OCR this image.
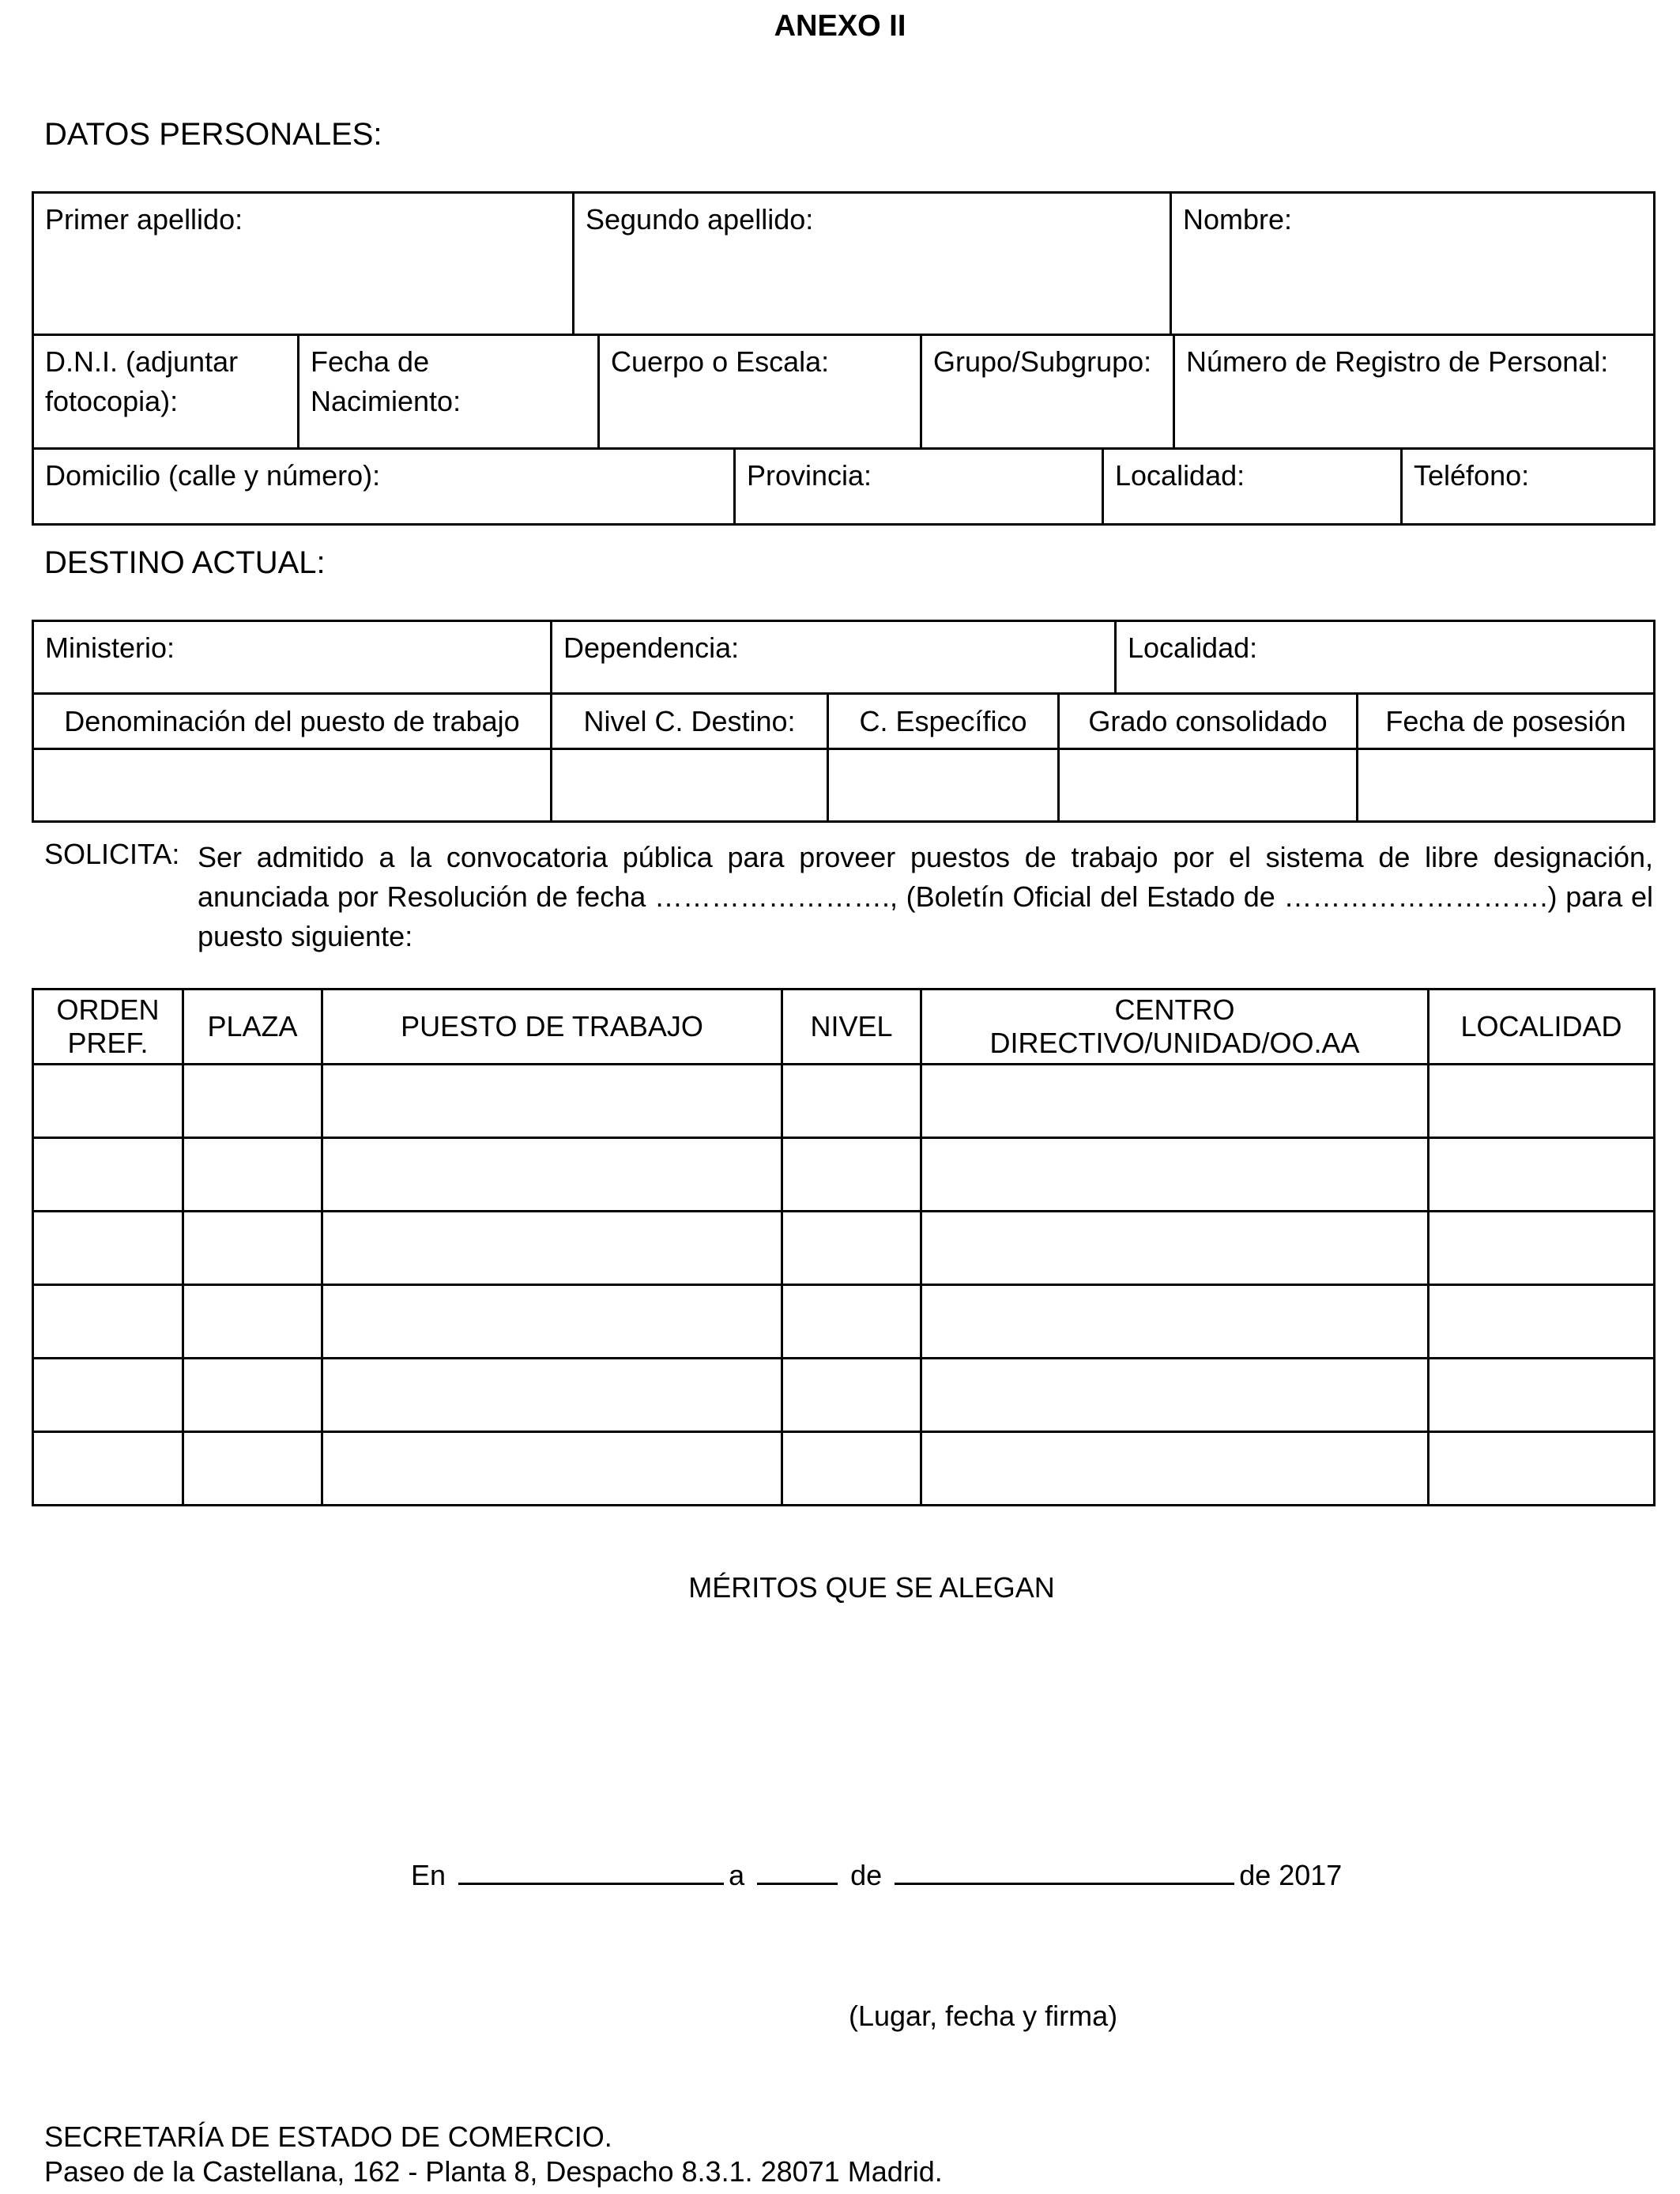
ANEXO II
DATOS PERSONALES:
Primer apellido:	Segundo apellido:	Nombre:
D.N.I. (adjuntar fotocopia):	Fecha de Nacimiento:	Cuerpo o Escala:	Grupo/Subgrupo:	Número de Registro de Personal:
Domicilio (calle y número):	Provincia:	Localidad:	Teléfono:
DESTINO ACTUAL:
Ministerio:	Dependencia:	Localidad:
Denominación del puesto de trabajo	Nivel C. Destino:	C. Específico	Grado consolidado	Fecha de posesión

SOLICITA: Ser admitido a la convocatoria pública para proveer puestos de trabajo por el sistema de libre designación, anunciada por Resolución de fecha ……………………., (Boletín Oficial del Estado de ……………………….) para el puesto siguiente:
ORDEN PREF.	PLAZA	PUESTO DE TRABAJO	NIVEL	CENTRO DIRECTIVO/UNIDAD/OO.AA	LOCALIDAD

MÉRITOS QUE SE ALEGAN
En	a	de	de 2017
(Lugar, fecha y firma)
SECRETARÍA DE ESTADO DE COMERCIO.
Paseo de la Castellana, 162 - Planta 8, Despacho 8.3.1. 28071 Madrid.
